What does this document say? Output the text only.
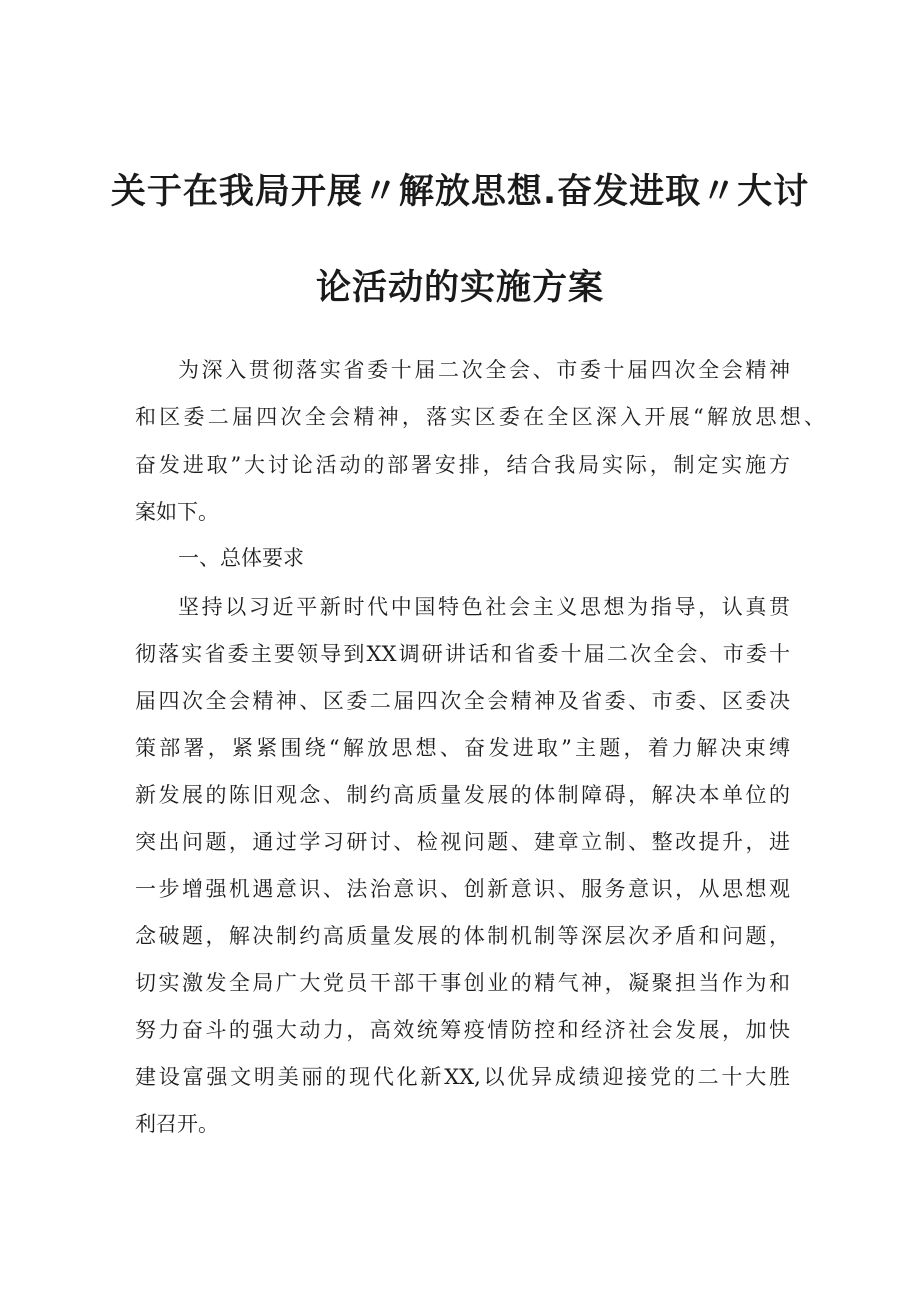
关于在我局开展〃解放思想.奋发进取〃大讨
论活动的实施方案

为深入贯彻落实省委十届二次全会、市委十届四次全会精神

和区委二届四次全会精神，落实区委在全区深入开展“解放思想、

奋发进取”大讨论活动的部署安排，结合我局实际，制定实施方

案如下。

一、总体要求

坚持以习近平新时代中国特色社会主义思想为指导，认真贯

彻落实省委主要领导到XX调研讲话和省委十届二次全会、市委十

届四次全会精神、区委二届四次全会精神及省委、市委、区委决

策部署，紧紧围绕“解放思想、奋发进取”主题，着力解决束缚

新发展的陈旧观念、制约高质量发展的体制障碍，解决本单位的

突出问题，通过学习研讨、检视问题、建章立制、整改提升，进

一步增强机遇意识、法治意识、创新意识、服务意识，从思想观

念破题，解决制约高质量发展的体制机制等深层次矛盾和问题，

切实激发全局广大党员干部干事创业的精气神，凝聚担当作为和

努力奋斗的强大动力，高效统筹疫情防控和经济社会发展，加快

建设富强文明美丽的现代化新XX,以优异成绩迎接党的二十大胜

利召开。
